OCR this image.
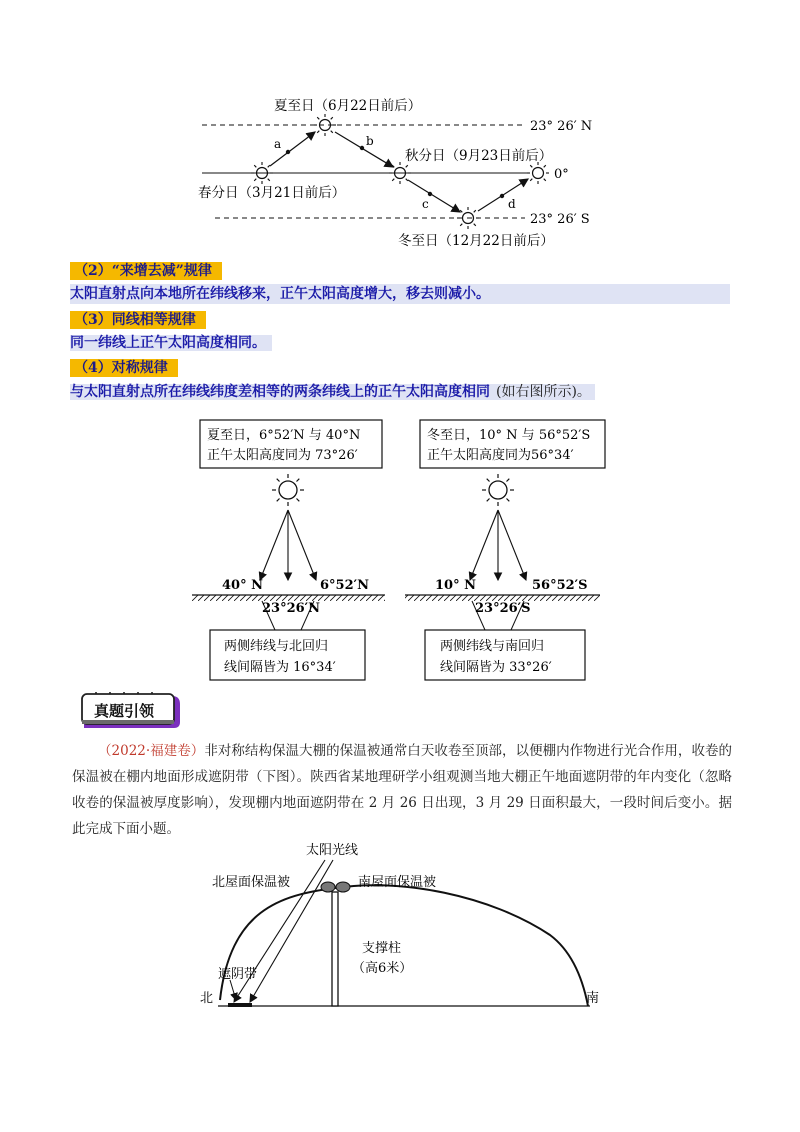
a	b
c	d
夏至日（6月22日前后）
春分日（3月21日前后）
秋分日（9月23日前后）
冬至日（12月22日前后）
23° 26′ N
0°
23° 26′ S
（2）“来增去减”规律
太阳直射点向本地所在纬线移来，正午太阳高度增大，移去则减小。
（3）同线相等规律
同一纬线上正午太阳高度相同。
（4）对称规律
与太阳直射点所在纬线纬度差相等的两条纬线上的正午太阳高度相同 (如右图所示)。
夏至日，6°52′N 与 40°N
正午太阳高度同为 73°26′
40° N	6°52′N
23°26′N
两侧纬线与北回归
线间隔皆为 16°34′
冬至日，10° N 与 56°52′S
正午太阳高度同为56°34′
10° N	56°52′S
23°26′S
两侧纬线与南回归
线间隔皆为 33°26′
真题引领
（2022·福建卷）非对称结构保温大棚的保温被通常白天收卷至顶部，以便棚内作物进行光合作用，收卷的保温被在棚内地面形成遮阴带（下图）。陕西省某地理研学小组观测当地大棚正午地面遮阴带的年内变化（忽略收卷的保温被厚度影响），发现棚内地面遮阴带在 2 月 26 日出现，3 月 29 日面积最大，一段时间后变小。据此完成下面小题。
太阳光线
北屋面保温被	南屋面保温被
支撑柱
（高6米）
遮阴带
北	南
